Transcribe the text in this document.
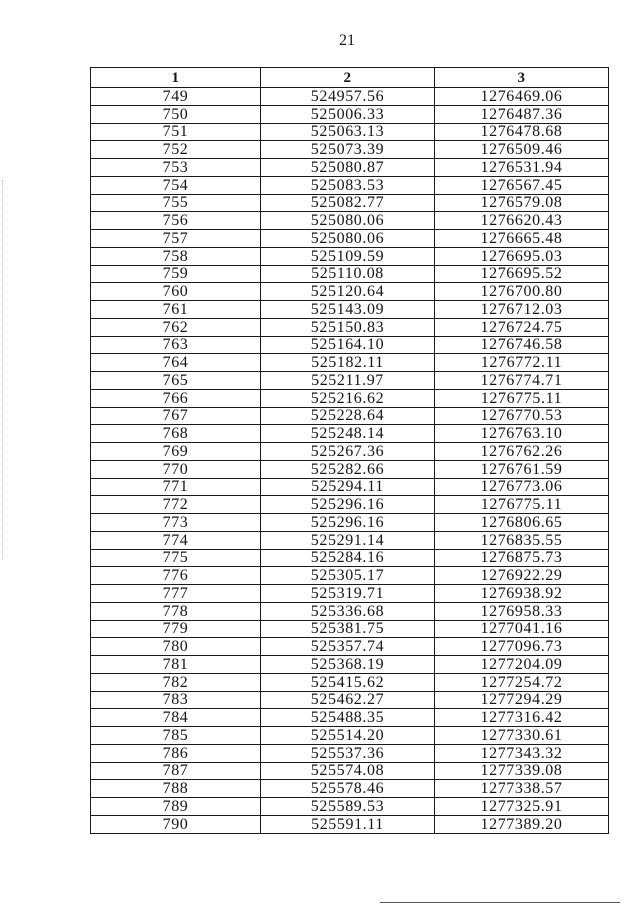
21
1	2	3
749	524957.56	1276469.06
750	525006.33	1276487.36
751	525063.13	1276478.68
752	525073.39	1276509.46
753	525080.87	1276531.94
754	525083.53	1276567.45
755	525082.77	1276579.08
756	525080.06	1276620.43
757	525080.06	1276665.48
758	525109.59	1276695.03
759	525110.08	1276695.52
760	525120.64	1276700.80
761	525143.09	1276712.03
762	525150.83	1276724.75
763	525164.10	1276746.58
764	525182.11	1276772.11
765	525211.97	1276774.71
766	525216.62	1276775.11
767	525228.64	1276770.53
768	525248.14	1276763.10
769	525267.36	1276762.26
770	525282.66	1276761.59
771	525294.11	1276773.06
772	525296.16	1276775.11
773	525296.16	1276806.65
774	525291.14	1276835.55
775	525284.16	1276875.73
776	525305.17	1276922.29
777	525319.71	1276938.92
778	525336.68	1276958.33
779	525381.75	1277041.16
780	525357.74	1277096.73
781	525368.19	1277204.09
782	525415.62	1277254.72
783	525462.27	1277294.29
784	525488.35	1277316.42
785	525514.20	1277330.61
786	525537.36	1277343.32
787	525574.08	1277339.08
788	525578.46	1277338.57
789	525589.53	1277325.91
790	525591.11	1277389.20
